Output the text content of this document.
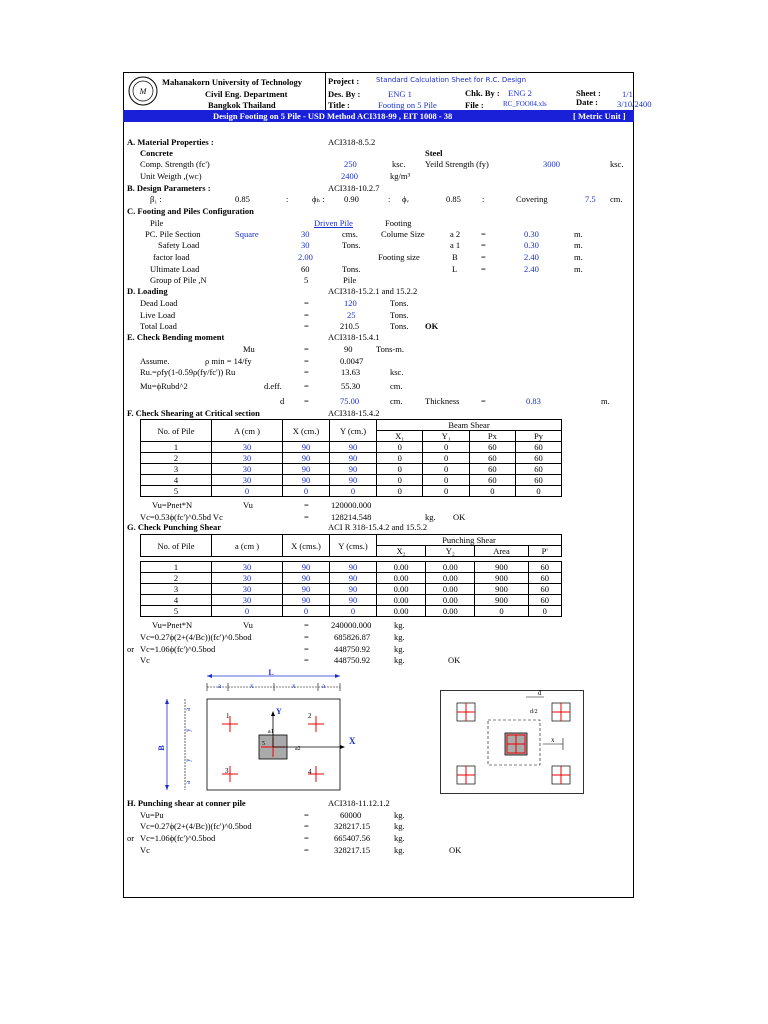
M
Mahanakorn University of Technology
Civil Eng. Department
Bangkok Thailand
Project : Standard Calculation Sheet for R.C. Design
Sheet : 1/1
Des. By :	ENG 1	Chk. By : ENG 2
Title :	Footing on 5 Pile	File :	RC_FOO04.xls	Date : 3/10/2400
Design Footing on 5 Pile - USD Method ACI318-99 , EIT 1008 - 38	[ Metric Unit ]
A. Material Properties :	ACI318-8.5.2
Concrete	Steel
Comp. Strength (fc')	250	ksc. Yeild Strength (fy)	3000	ksc.
Unit Weigth ,(wᴄ)	2400	kg/m³
B. Design Parameters :	ACI318-10.2.7
β₁ :	0.85	:	ϕₕ : 0.90	: ϕᵥ	0.85 :	Covering	7.5 cm.
C. Footing and Piles Configuration
Pile	Driven Pile	Footing
PC. Pile Section	Square	30	cms.	Colume Size	a 2 =	0.30	m.
Safety Load	30	Tons.	a 1 =	0.30	m.
factor load	2.00	Footing size	B	=	2.40	m.
Ultimate Load	60	Tons.	L	=	2.40	m.
Group of Pile ,N	5	Pile
D. Loading	ACI318-15.2.1 and 15.2.2
Dead Load	=	120	Tons.
Live Load	=	25	Tons.
Total Load	=	210.5	Tons. OK
E. Check Bending moment	ACI318-15.4.1
Mu	=	90	Tons-m.
Assume.	ρ min = 14/fy	=	0.0047
Ru.=ρfy(1-0.59ρ(fy/fc')) Ru	=	13.63	ksc.
Mu=ϕRubd^2	d.eff.	=	55.30	cm.
d =	75.00	cm.	Thickness	=	0.83	m.
F. Check Shearing at Critical section	ACI318-15.4.2
No. of Pile	A (cm )	X (cm.)	Y (cm.)	Beam Shear			
				X₁	Y₁	Px	Py
1	30	90	90	0	0	60	60
2	30	90	90	0	0	60	60
3	30	90	90	0	0	60	60
4	30	90	90	0	0	60	60
5	0	0	0	0	0	0	0
Vu=Pnet*N	Vu	=	120000.000
Vc=0.53ϕ(fc')^0.5bd Vc	=	128214.548	kg. OK
G. Check Punching Shear	ACI R 318-15.4.2 and 15.5.2
No. of Pile	a (cm )	X (cms.)	Y (cms.)	Punching Shear			
				X₂	Y₂	Area	P'

1	30	90	90	0.00	0.00	900	60
2	30	90	90	0.00	0.00	900	60
3	30	90	90	0.00	0.00	900	60
4	30	90	90	0.00	0.00	900	60
5	0	0	0	0.00	0.00	0	0
Vu=Pnet*N	Vu	=	240000.000	kg.
Vc=0.27ϕ(2+(4/Bc))(fc')^0.5bod	=	685826.87	kg.
or Vc=1.06ϕ(fc')^0.5bod	=	448750.92	kg.
Vc	=	448750.92	kg.	OK
L
a	x	x	a
B
a
y
y
a
1	2
3	4
5
a1
a2
Y
X
d
d/2
x
H. Punching shear at conner pile	ACI318-11.12.1.2
Vu=Pu	=	60000	kg.
Vc=0.27ϕ(2+(4/Bc))(fc')^0.5bod	=	328217.15	kg.
or Vc=1.06ϕ(fc')^0.5bod	=	665407.56	kg.
Vc	=	328217.15	kg.	OK
